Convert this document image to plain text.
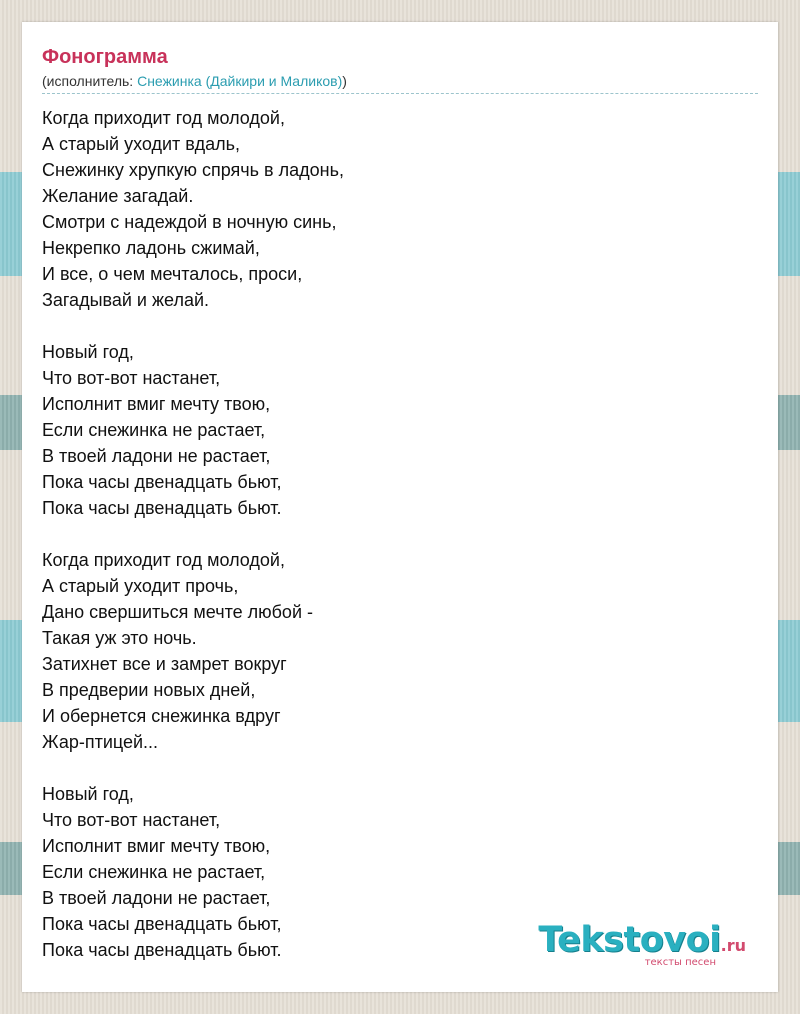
Фонограмма
(исполнитель: Снежинка (Дайкири и Маликов))
Когда приходит год молодой,
А старый уходит вдаль,
Снежинку хрупкую спрячь в ладонь,
Желание загадай.
Смотри с надеждой в ночную синь,
Некрепко ладонь сжимай,
И все, о чем мечталось, проси,
Загадывай и желай.
Новый год,
Что вот-вот настанет,
Исполнит вмиг мечту твою,
Если снежинка не растает,
В твоей ладони не растает,
Пока часы двенадцать бьют,
Пока часы двенадцать бьют.
Когда приходит год молодой,
А старый уходит прочь,
Дано свершиться мечте любой -
Такая уж это ночь.
Затихнет все и замрет вокруг
В предверии новых дней,
И обернется снежинка вдруг
Жар-птицей...
Новый год,
Что вот-вот настанет,
Исполнит вмиг мечту твою,
Если снежинка не растает,
В твоей ладони не растает,
Пока часы двенадцать бьют,
Пока часы двенадцать бьют.	Tekstovoi.ru
тексты песен
